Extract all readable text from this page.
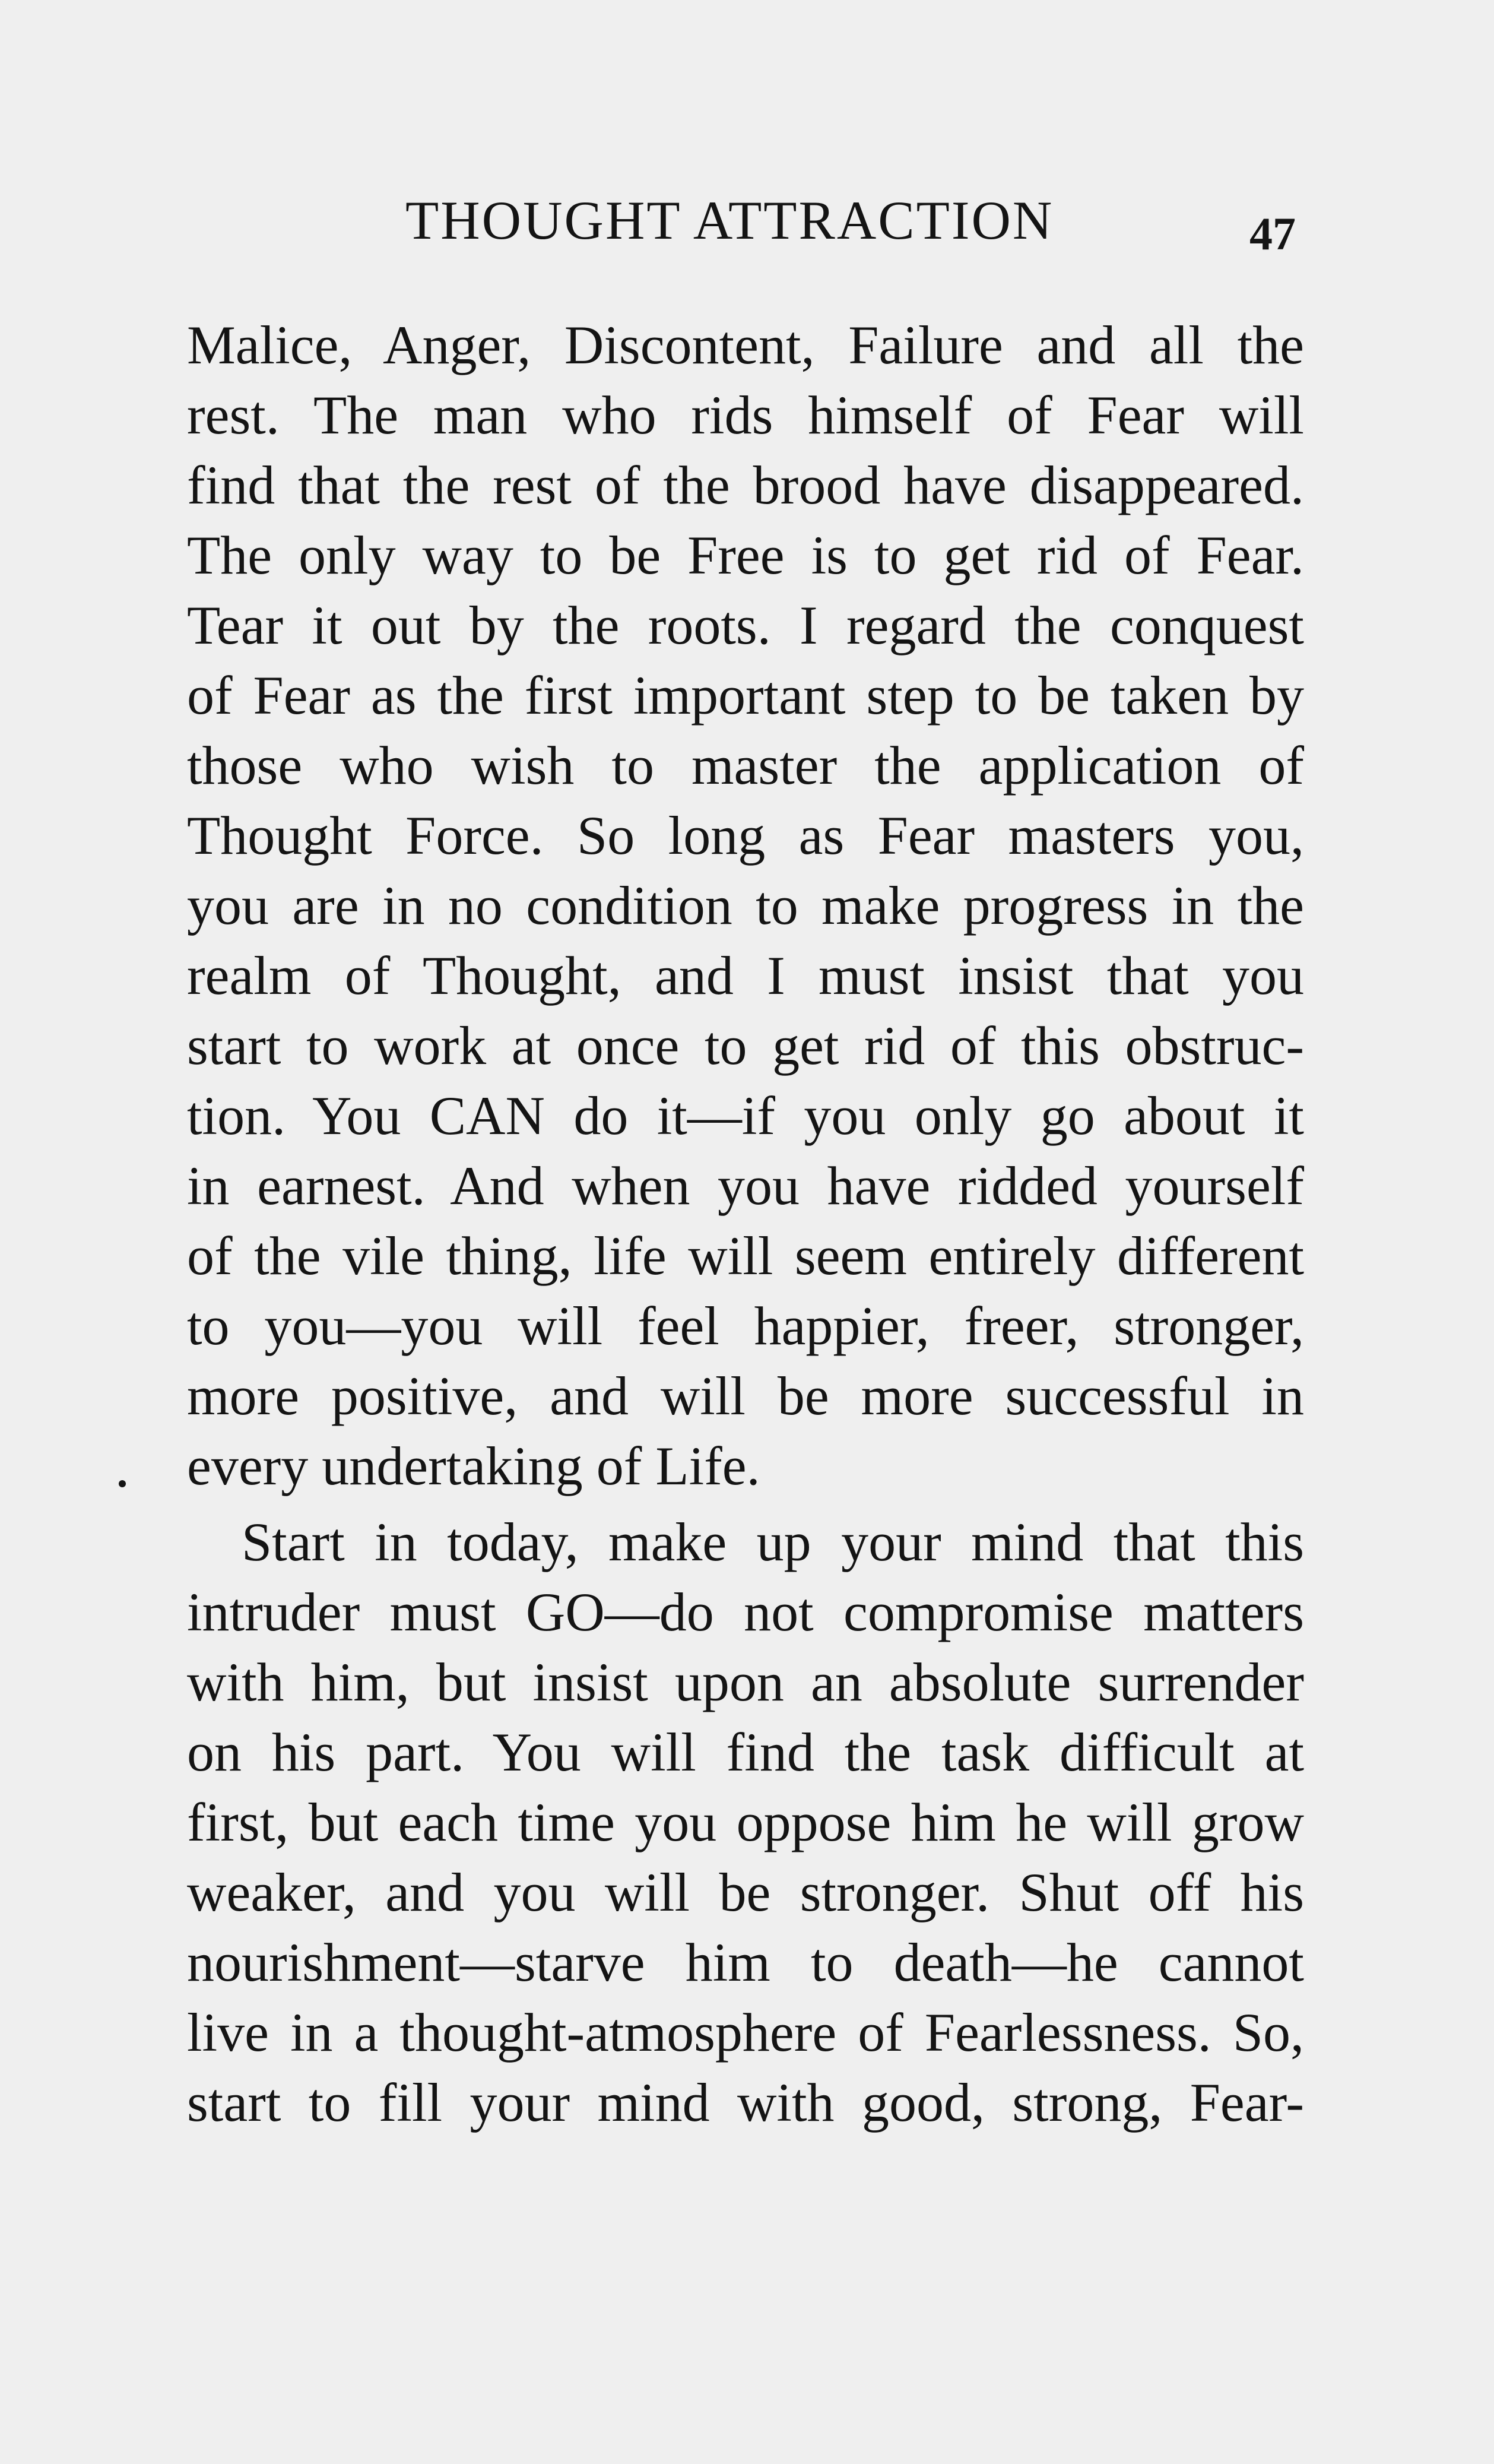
THOUGHT ATTRACTION	47
Malice, Anger, Discontent, Failure and all the
rest. The man who rids himself of Fear will
find that the rest of the brood have disappeared.
The only way to be Free is to get rid of Fear.
Tear it out by the roots. I regard the conquest
of Fear as the first important step to be taken by
those who wish to master the application of
Thought Force. So long as Fear masters you,
you are in no condition to make progress in the
realm of Thought, and I must insist that you
start to work at once to get rid of this obstruc-
tion. You CAN do it—if you only go about it
in earnest. And when you have ridded yourself
of the vile thing, life will seem entirely different
to you—you will feel happier, freer, stronger,
more positive, and will be more successful in
every undertaking of Life.
Start in today, make up your mind that this
intruder must GO—do not compromise matters
with him, but insist upon an absolute surrender
on his part. You will find the task difficult at
first, but each time you oppose him he will grow
weaker, and you will be stronger. Shut off his
nourishment—starve him to death—he cannot
live in a thought-atmosphere of Fearlessness. So,
start to fill your mind with good, strong, Fear-
